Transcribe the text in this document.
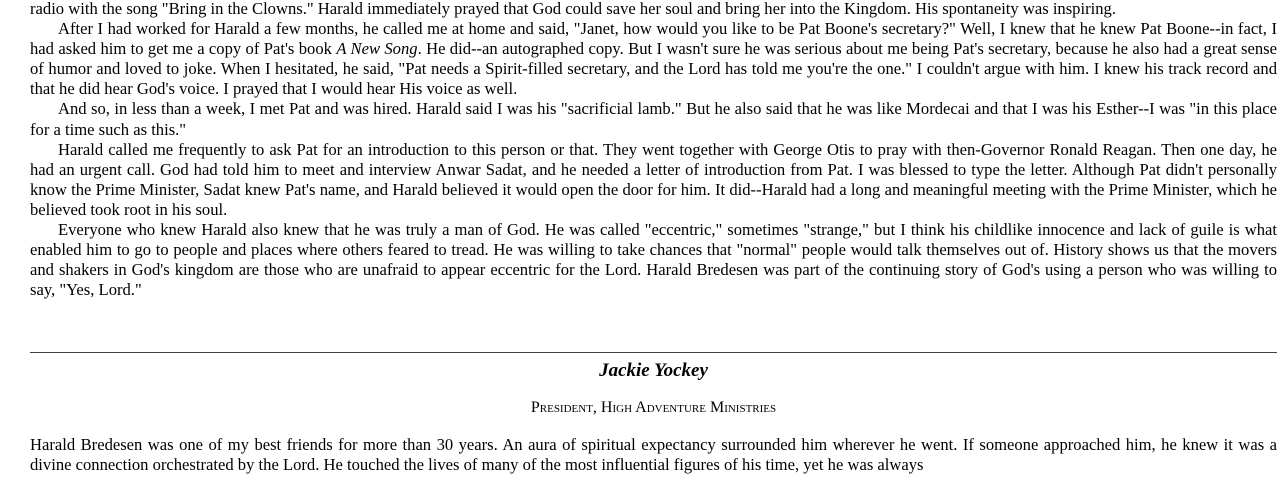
radio with the song "Bring in the Clowns." Harald immediately prayed that God could save her soul and bring her into the Kingdom. His spontaneity was inspiring.

After I had worked for Harald a few months, he called me at home and said, "Janet, how would you like to be Pat Boone's secretary?" Well, I knew that he knew Pat Boone--in fact, I had asked him to get me a copy of Pat's book A New Song. He did--an autographed copy. But I wasn't sure he was serious about me being Pat's secretary, because he also had a great sense of humor and loved to joke. When I hesitated, he said, "Pat needs a Spirit-filled secretary, and the Lord has told me you're the one." I couldn't argue with him. I knew his track record and that he did hear God's voice. I prayed that I would hear His voice as well.

And so, in less than a week, I met Pat and was hired. Harald said I was his "sacrificial lamb." But he also said that he was like Mordecai and that I was his Esther--I was "in this place for a time such as this."

Harald called me frequently to ask Pat for an introduction to this person or that. They went together with George Otis to pray with then-Governor Ronald Reagan. Then one day, he had an urgent call. God had told him to meet and interview Anwar Sadat, and he needed a letter of introduction from Pat. I was blessed to type the letter. Although Pat didn't personally know the Prime Minister, Sadat knew Pat's name, and Harald believed it would open the door for him. It did--Harald had a long and meaningful meeting with the Prime Minister, which he believed took root in his soul.

Everyone who knew Harald also knew that he was truly a man of God. He was called "eccentric," sometimes "strange," but I think his childlike innocence and lack of guile is what enabled him to go to people and places where others feared to tread. He was willing to take chances that "normal" people would talk themselves out of. History shows us that the movers and shakers in God's kingdom are those who are unafraid to appear eccentric for the Lord. Harald Bredesen was part of the continuing story of God's using a person who was willing to say, "Yes, Lord."

Jackie Yockey
President, High Adventure Ministries

Harald Bredesen was one of my best friends for more than 30 years. An aura of spiritual expectancy surrounded him wherever he went. If someone approached him, he knew it was a divine connection orchestrated by the Lord. He touched the lives of many of the most influential figures of his time, yet he was always
